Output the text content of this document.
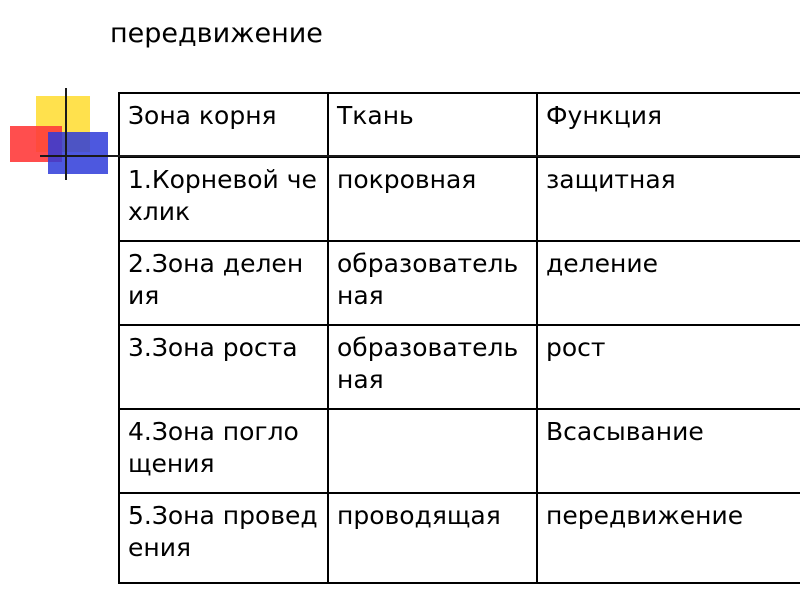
передвижение
Зона корня	Ткань	Функция
1.Корневой чехлик	покровная	защитная
2.Зона деления	образовательная	деление
3.Зона роста	образовательная	рост
4.Зона поглощения		Всасывание
5.Зона проведения	проводящая	передвижение
